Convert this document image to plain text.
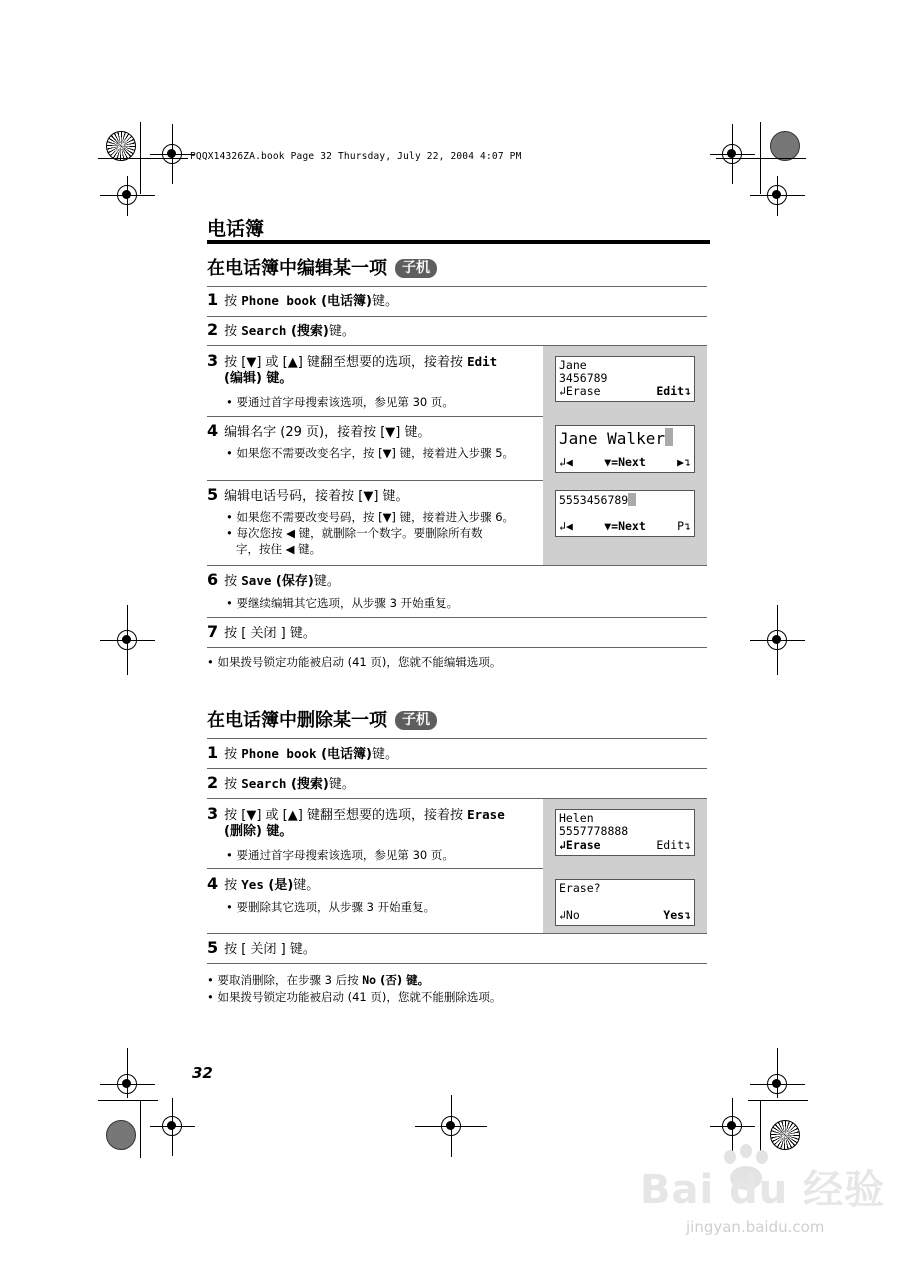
PQQX14326ZA.book Page 32 Thursday, July 22, 2004 4:07 PM
电话簿
在电话簿中编辑某一项 子机
1 按 Phone book (电话簿)键。
2 按 Search (搜索)键。
3 按 [▼] 或 [▲] 键翻至想要的选项，接着按 Edit
(编辑) 键。
• 要通过首字母搜索该选项，参见第 30 页。
Jane
3456789
↲Erase	Edit↴
4 编辑名字 (29 页)，接着按 [▼] 键。
• 如果您不需要改变名字，按 [▼] 键，接着进入步骤 5。
Jane Walker
↲◀	▼=Next	▶↴
5 编辑电话号码，接着按 [▼] 键。
• 如果您不需要改变号码，按 [▼] 键，接着进入步骤 6。
• 每次您按 ◀ 键，就删除一个数字。要删除所有数
字，按住 ◀ 键。
5553456789
↲◀	▼=Next	P↴
6 按 Save (保存)键。
• 要继续编辑其它选项，从步骤 3 开始重复。
7 按 [ 关闭 ] 键。
• 如果拨号锁定功能被启动 (41 页)，您就不能编辑选项。
在电话簿中删除某一项 子机
1 按 Phone book (电话簿)键。
2 按 Search (搜索)键。
3 按 [▼] 或 [▲] 键翻至想要的选项，接着按 Erase
(删除) 键。
• 要通过首字母搜索该选项，参见第 30 页。
Helen
5557778888
↲Erase	Edit↴
4 按 Yes (是)键。
• 要删除其它选项，从步骤 3 开始重复。
Erase?
↲No	Yes↴
5 按 [ 关闭 ] 键。
• 要取消删除，在步骤 3 后按 No (否) 键。
• 如果拨号锁定功能被启动 (41 页)，您就不能删除选项。
32
Bai du 经验
jingyan.baidu.com
